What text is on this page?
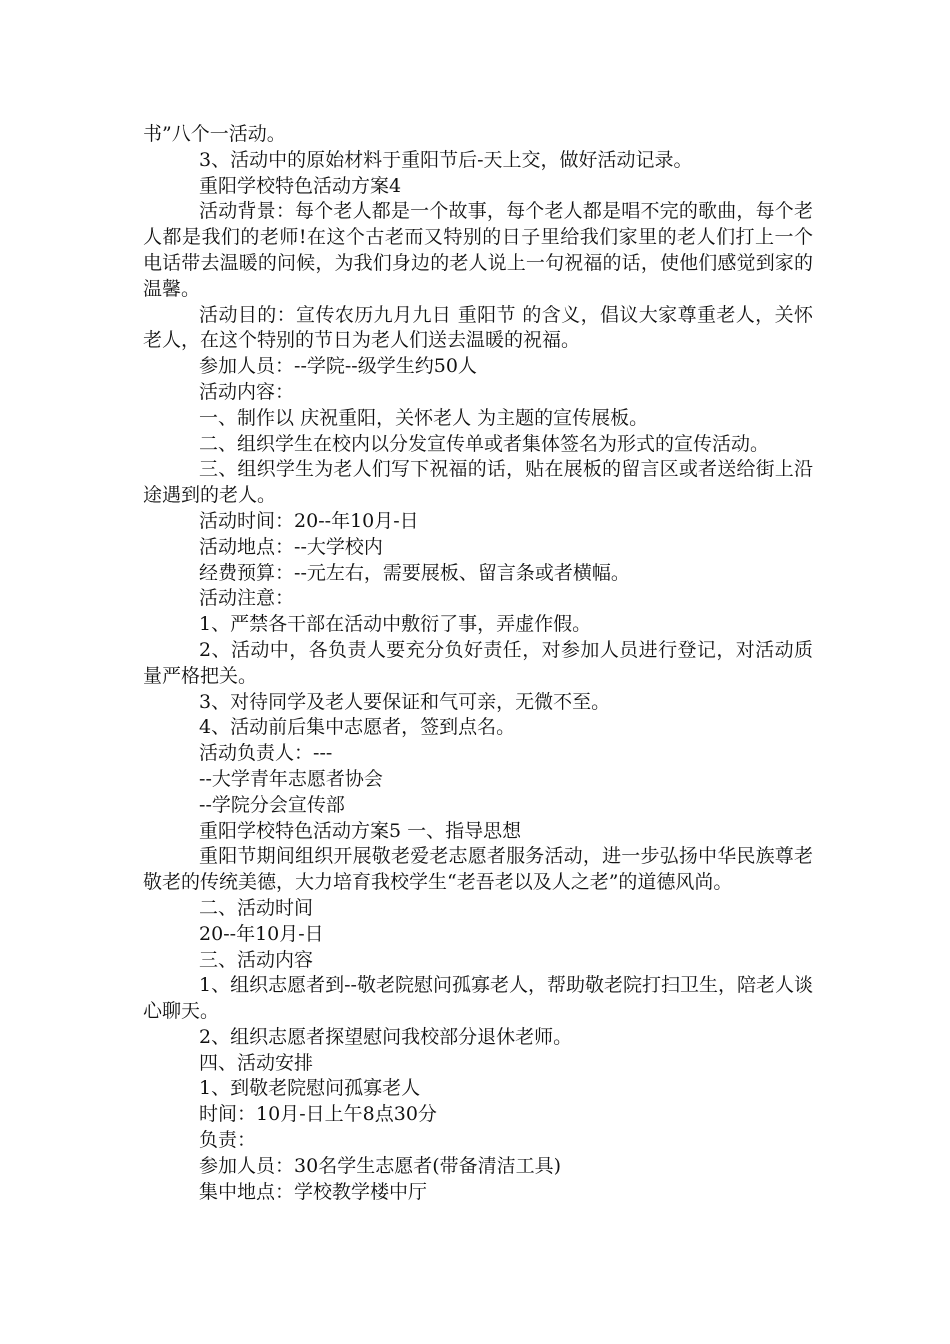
书”八个一活动。

3、活动中的原始材料于重阳节后-天上交，做好活动记录。

重阳学校特色活动方案4

活动背景：每个老人都是一个故事，每个老人都是唱不完的歌曲，每个老人都是我们的老师!在这个古老而又特别的日子里给我们家里的老人们打上一个电话带去温暖的问候，为我们身边的老人说上一句祝福的话，使他们感觉到家的温馨。

活动目的：宣传农历九月九日 重阳节 的含义，倡议大家尊重老人，关怀老人，在这个特别的节日为老人们送去温暖的祝福。

参加人员：--学院--级学生约50人

活动内容：

一、制作以 庆祝重阳，关怀老人 为主题的宣传展板。

二、组织学生在校内以分发宣传单或者集体签名为形式的宣传活动。

三、组织学生为老人们写下祝福的话，贴在展板的留言区或者送给街上沿途遇到的老人。

活动时间：20--年10月-日

活动地点：--大学校内

经费预算：--元左右，需要展板、留言条或者横幅。

活动注意：

1、严禁各干部在活动中敷衍了事，弄虚作假。

2、活动中，各负责人要充分负好责任，对参加人员进行登记，对活动质量严格把关。

3、对待同学及老人要保证和气可亲，无微不至。

4、活动前后集中志愿者，签到点名。

活动负责人：---

--大学青年志愿者协会

--学院分会宣传部

重阳学校特色活动方案5 一、指导思想

重阳节期间组织开展敬老爱老志愿者服务活动，进一步弘扬中华民族尊老敬老的传统美德，大力培育我校学生“老吾老以及人之老”的道德风尚。

二、活动时间

20--年10月-日

三、活动内容

1、组织志愿者到--敬老院慰问孤寡老人，帮助敬老院打扫卫生，陪老人谈心聊天。

2、组织志愿者探望慰问我校部分退休老师。

四、活动安排

1、到敬老院慰问孤寡老人

时间：10月-日上午8点30分

负责：

参加人员：30名学生志愿者(带备清洁工具)

集中地点：学校教学楼中厅
